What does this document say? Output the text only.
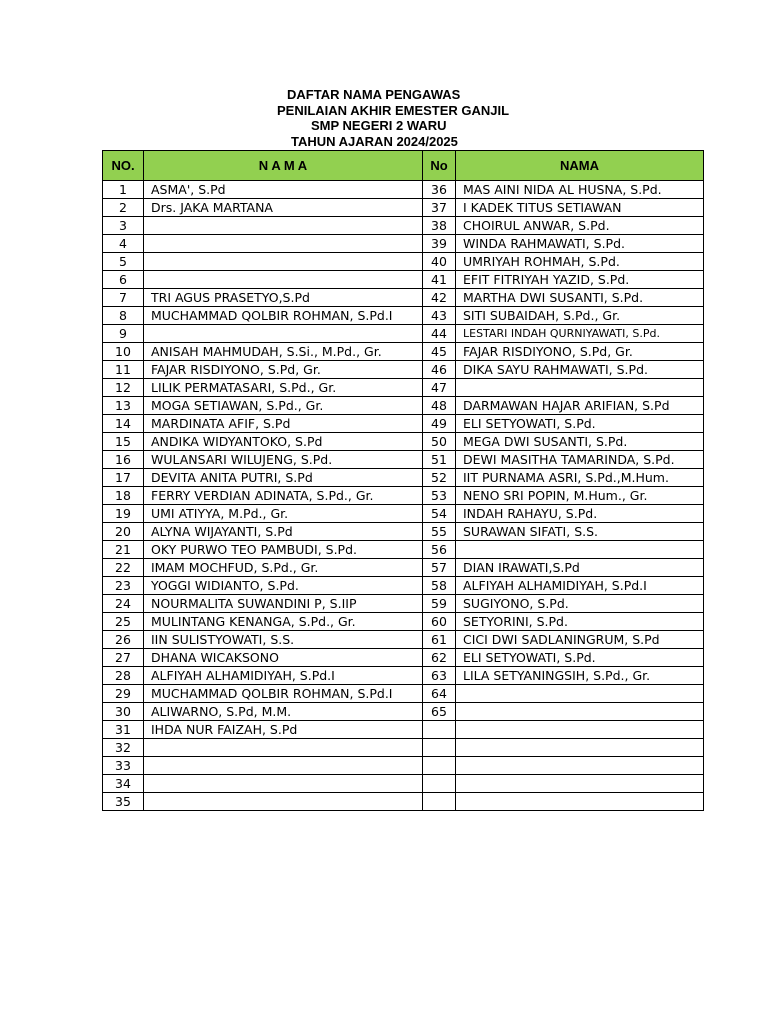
DAFTAR NAMA PENGAWAS
PENILAIAN AKHIR EMESTER GANJIL
SMP NEGERI 2 WARU
TAHUN AJARAN 2024/2025
NO.	N A M A	No	NAMA
1	ASMA', S.Pd	36	MAS AINI NIDA AL HUSNA, S.Pd.
2	Drs. JAKA MARTANA	37	I KADEK TITUS SETIAWAN
3		38	CHOIRUL ANWAR, S.Pd.
4		39	WINDA RAHMAWATI, S.Pd.
5		40	UMRIYAH ROHMAH, S.Pd.
6		41	EFIT FITRIYAH YAZID, S.Pd.
7	TRI AGUS PRASETYO,S.Pd	42	MARTHA DWI SUSANTI, S.Pd.
8	MUCHAMMAD QOLBIR ROHMAN, S.Pd.I	43	SITI SUBAIDAH, S.Pd., Gr.
9		44	LESTARI INDAH QURNIYAWATI, S.Pd.
10	ANISAH MAHMUDAH, S.Si., M.Pd., Gr.	45	FAJAR RISDIYONO, S.Pd, Gr.
11	FAJAR RISDIYONO, S.Pd, Gr.	46	DIKA SAYU RAHMAWATI, S.Pd.
12	LILIK PERMATASARI, S.Pd., Gr.	47	
13	MOGA SETIAWAN, S.Pd., Gr.	48	DARMAWAN HAJAR ARIFIAN, S.Pd
14	MARDINATA AFIF, S.Pd	49	ELI SETYOWATI, S.Pd.
15	ANDIKA WIDYANTOKO, S.Pd	50	MEGA DWI SUSANTI, S.Pd.
16	WULANSARI WILUJENG, S.Pd.	51	DEWI MASITHA TAMARINDA, S.Pd.
17	DEVITA ANITA PUTRI, S.Pd	52	IIT PURNAMA ASRI, S.Pd.,M.Hum.
18	FERRY VERDIAN ADINATA, S.Pd., Gr.	53	NENO SRI POPIN, M.Hum., Gr.
19	UMI ATIYYA, M.Pd., Gr.	54	INDAH RAHAYU, S.Pd.
20	ALYNA WIJAYANTI, S.Pd	55	SURAWAN SIFATI, S.S.
21	OKY PURWO TEO PAMBUDI, S.Pd.	56	
22	IMAM MOCHFUD, S.Pd., Gr.	57	DIAN IRAWATI,S.Pd
23	YOGGI WIDIANTO, S.Pd.	58	ALFIYAH ALHAMIDIYAH, S.Pd.I
24	NOURMALITA SUWANDINI P, S.IIP	59	SUGIYONO, S.Pd.
25	MULINTANG KENANGA, S.Pd., Gr.	60	SETYORINI, S.Pd.
26	IIN SULISTYOWATI, S.S.	61	CICI DWI SADLANINGRUM, S.Pd
27	DHANA WICAKSONO	62	ELI SETYOWATI, S.Pd.
28	ALFIYAH ALHAMIDIYAH, S.Pd.I	63	LILA SETYANINGSIH, S.Pd., Gr.
29	MUCHAMMAD QOLBIR ROHMAN, S.Pd.I	64	
30	ALIWARNO, S.Pd, M.M.	65	
31	IHDA NUR FAIZAH, S.Pd		
32			
33			
34			
35			
